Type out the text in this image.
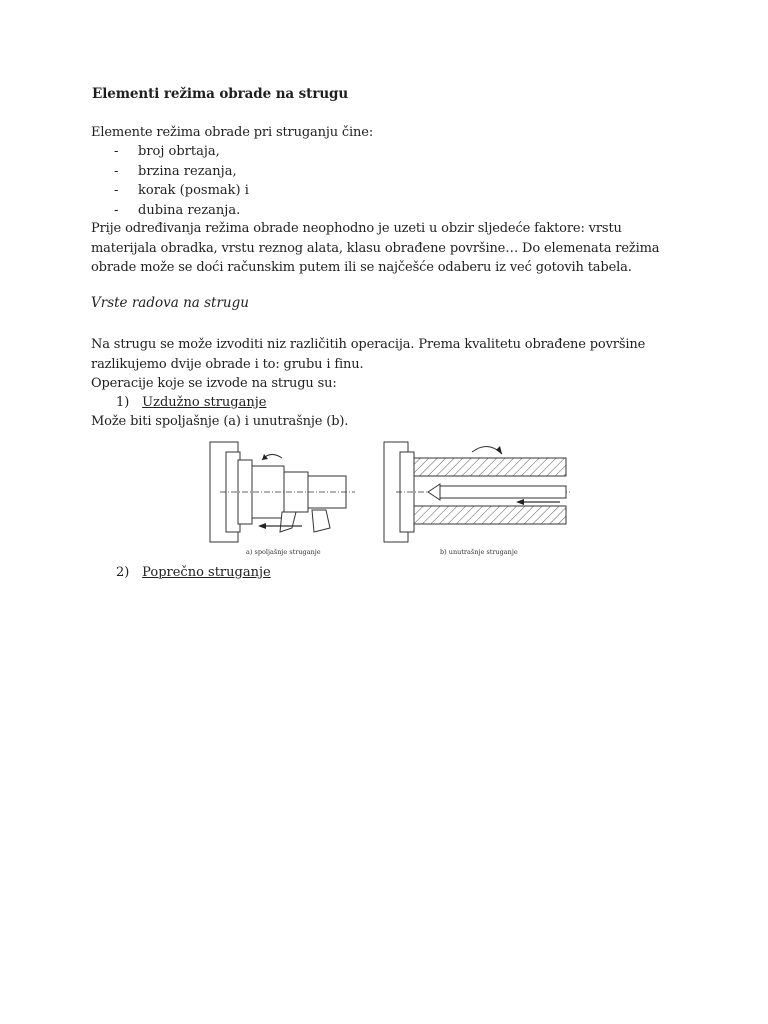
Elementi režima obrade na strugu
Elemente režima obrade pri struganju čine:
- broj obrtaja,
- brzina rezanja,
- korak (posmak) i
- dubina rezanja.
Prije određivanja režima obrade neophodno je uzeti u obzir sljedeće faktore: vrstu materijala obradka, vrstu reznog alata, klasu obrađene površine… Do elemenata režima obrade može se doći računskim putem ili se najčešće odaberu iz već gotovih tabela.
Vrste radova na strugu
Na strugu se može izvoditi niz različitih operacija. Prema kvalitetu obrađene površine razlikujemo dvije obrade i to: grubu i finu.
Operacije koje se izvode na strugu su:
1) Uzdužno struganje
Može biti spoljašnje (a) i unutrašnje (b).
a) spoljašnje struganje	b) unutrašnje struganje
2) Poprečno struganje
